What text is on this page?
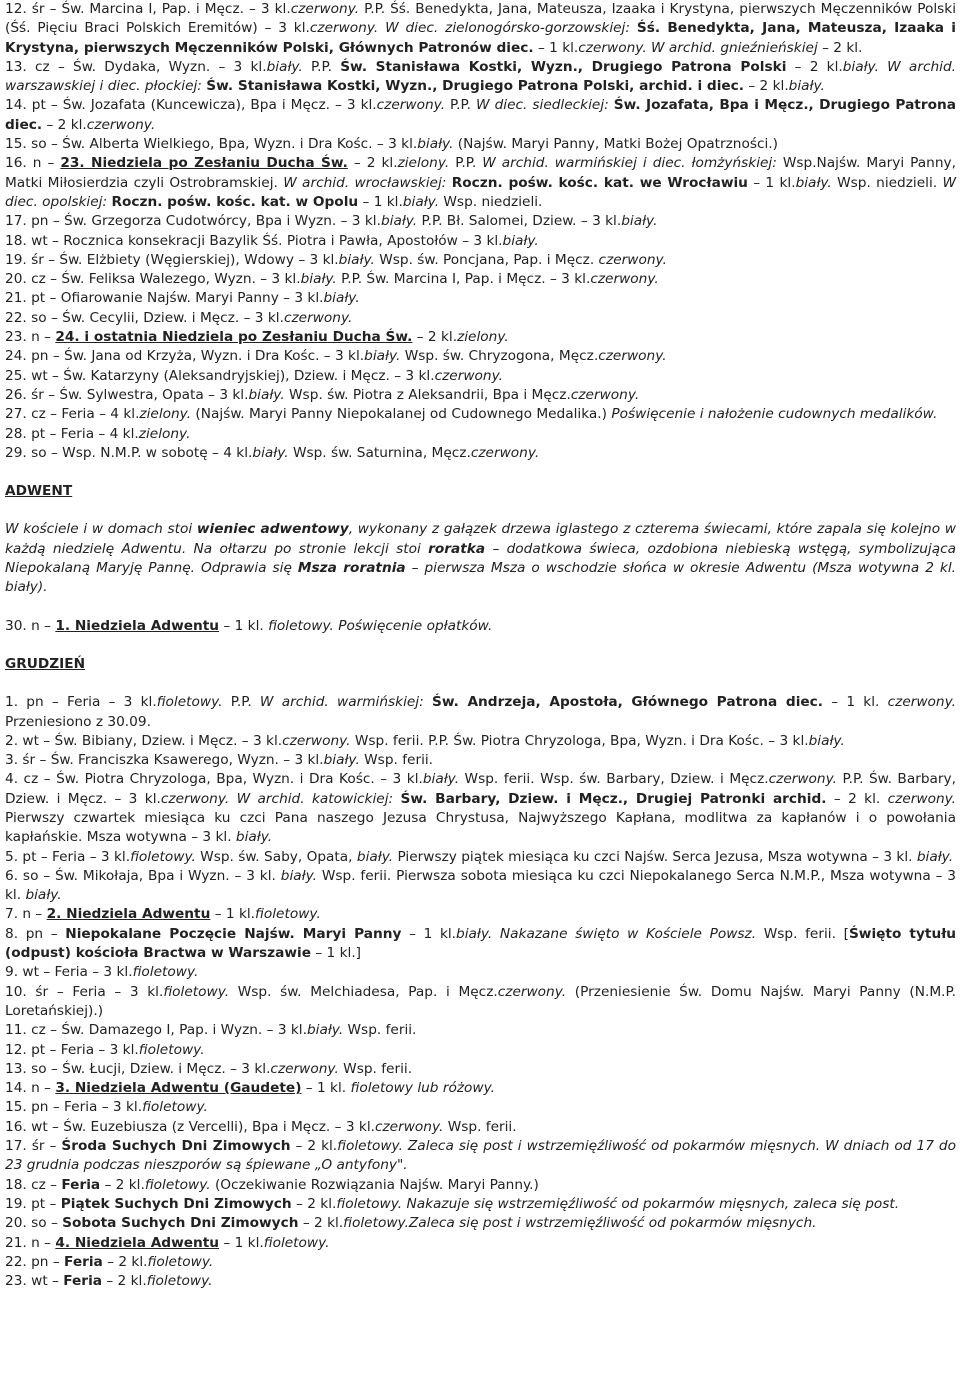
12. śr – Św. Marcina I, Pap. i Męcz. – 3 kl.czerwony. P.P. Śś. Benedykta, Jana, Mateusza, Izaaka i Krystyna, pierwszych Męczenników Polski (Śś. Pięciu Braci Polskich Eremitów) – 3 kl.czerwony. W diec. zielonogórsko-gorzowskiej: Śś. Benedykta, Jana, Mateusza, Izaaka i Krystyna, pierwszych Męczenników Polski, Głównych Patronów diec. – 1 kl.czerwony. W archid. gnieźnieńskiej – 2 kl.

13. cz – Św. Dydaka, Wyzn. – 3 kl.biały. P.P. Św. Stanisława Kostki, Wyzn., Drugiego Patrona Polski – 2 kl.biały. W archid. warszawskiej i diec. płockiej: Św. Stanisława Kostki, Wyzn., Drugiego Patrona Polski, archid. i diec. – 2 kl.biały.

14. pt – Św. Jozafata (Kuncewicza), Bpa i Męcz. – 3 kl.czerwony. P.P. W diec. siedleckiej: Św. Jozafata, Bpa i Męcz., Drugiego Patrona diec. – 2 kl.czerwony.

15. so – Św. Alberta Wielkiego, Bpa, Wyzn. i Dra Kośc. – 3 kl.biały. (Najśw. Maryi Panny, Matki Bożej Opatrzności.)

16. n – 23. Niedziela po Zesłaniu Ducha Św. – 2 kl.zielony. P.P. W archid. warmińskiej i diec. łomżyńskiej: Wsp.Najśw. Maryi Panny, Matki Miłosierdzia czyli Ostrobramskiej. W archid. wrocławskiej: Roczn. pośw. kośc. kat. we Wrocławiu – 1 kl.biały. Wsp. niedzieli. W diec. opolskiej: Roczn. pośw. kośc. kat. w Opolu – 1 kl.biały. Wsp. niedzieli.

17. pn – Św. Grzegorza Cudotwórcy, Bpa i Wyzn. – 3 kl.biały. P.P. Bł. Salomei, Dziew. – 3 kl.biały.

18. wt – Rocznica konsekracji Bazylik Śś. Piotra i Pawła, Apostołów – 3 kl.biały.

19. śr – Św. Elżbiety (Węgierskiej), Wdowy – 3 kl.biały. Wsp. św. Poncjana, Pap. i Męcz. czerwony.

20. cz – Św. Feliksa Walezego, Wyzn. – 3 kl.biały. P.P. Św. Marcina I, Pap. i Męcz. – 3 kl.czerwony.

21. pt – Ofiarowanie Najśw. Maryi Panny – 3 kl.biały.

22. so – Św. Cecylii, Dziew. i Męcz. – 3 kl.czerwony.

23. n – 24. i ostatnia Niedziela po Zesłaniu Ducha Św. – 2 kl.zielony.

24. pn – Św. Jana od Krzyża, Wyzn. i Dra Kośc. – 3 kl.biały. Wsp. św. Chryzogona, Męcz.czerwony.

25. wt – Św. Katarzyny (Aleksandryjskiej), Dziew. i Męcz. – 3 kl.czerwony.

26. śr – Św. Sylwestra, Opata – 3 kl.biały. Wsp. św. Piotra z Aleksandrii, Bpa i Męcz.czerwony.

27. cz – Feria – 4 kl.zielony. (Najśw. Maryi Panny Niepokalanej od Cudownego Medalika.) Poświęcenie i nałożenie cudownych medalików.

28. pt – Feria – 4 kl.zielony.

29. so – Wsp. N.M.P. w sobotę – 4 kl.biały. Wsp. św. Saturnina, Męcz.czerwony.

ADWENT

W kościele i w domach stoi wieniec adwentowy, wykonany z gałązek drzewa iglastego z czterema świecami, które zapala się kolejno w każdą niedzielę Adwentu. Na ołtarzu po stronie lekcji stoi roratka – dodatkowa świeca, ozdobiona niebieską wstęgą, symbolizująca Niepokalaną Maryję Pannę. Odprawia się Msza roratnia – pierwsza Msza o wschodzie słońca w okresie Adwentu (Msza wotywna 2 kl. biały).

30. n – 1. Niedziela Adwentu – 1 kl. fioletowy. Poświęcenie opłatków.

GRUDZIEŃ

1. pn – Feria – 3 kl.fioletowy. P.P. W archid. warmińskiej: Św. Andrzeja, Apostoła, Głównego Patrona diec. – 1 kl. czerwony. Przeniesiono z 30.09.

2. wt – Św. Bibiany, Dziew. i Męcz. – 3 kl.czerwony. Wsp. ferii. P.P. Św. Piotra Chryzologa, Bpa, Wyzn. i Dra Kośc. – 3 kl.biały.

3. śr – Św. Franciszka Ksawerego, Wyzn. – 3 kl.biały. Wsp. ferii.

4. cz – Św. Piotra Chryzologa, Bpa, Wyzn. i Dra Kośc. – 3 kl.biały. Wsp. ferii. Wsp. św. Barbary, Dziew. i Męcz.czerwony. P.P. Św. Barbary, Dziew. i Męcz. – 3 kl.czerwony. W archid. katowickiej: Św. Barbary, Dziew. i Męcz., Drugiej Patronki archid. – 2 kl. czerwony. Pierwszy czwartek miesiąca ku czci Pana naszego Jezusa Chrystusa, Najwyższego Kapłana, modlitwa za kapłanów i o powołania kapłańskie. Msza wotywna – 3 kl. biały.

5. pt – Feria – 3 kl.fioletowy. Wsp. św. Saby, Opata, biały. Pierwszy piątek miesiąca ku czci Najśw. Serca Jezusa, Msza wotywna – 3 kl. biały.

6. so – Św. Mikołaja, Bpa i Wyzn. – 3 kl. biały. Wsp. ferii. Pierwsza sobota miesiąca ku czci Niepokalanego Serca N.M.P., Msza wotywna – 3 kl. biały.

7. n – 2. Niedziela Adwentu – 1 kl.fioletowy.

8. pn – Niepokalane Poczęcie Najśw. Maryi Panny – 1 kl.biały. Nakazane święto w Kościele Powsz. Wsp. ferii. [Święto tytułu (odpust) kościoła Bractwa w Warszawie – 1 kl.]

9. wt – Feria – 3 kl.fioletowy.

10. śr – Feria – 3 kl.fioletowy. Wsp. św. Melchiadesa, Pap. i Męcz.czerwony. (Przeniesienie Św. Domu Najśw. Maryi Panny (N.M.P. Loretańskiej).)

11. cz – Św. Damazego I, Pap. i Wyzn. – 3 kl.biały. Wsp. ferii.

12. pt – Feria – 3 kl.fioletowy.

13. so – Św. Łucji, Dziew. i Męcz. – 3 kl.czerwony. Wsp. ferii.

14. n – 3. Niedziela Adwentu (Gaudete) – 1 kl. fioletowy lub różowy.

15. pn – Feria – 3 kl.fioletowy.

16. wt – Św. Euzebiusza (z Vercelli), Bpa i Męcz. – 3 kl.czerwony. Wsp. ferii.

17. śr – Środa Suchych Dni Zimowych – 2 kl.fioletowy. Zaleca się post i wstrzemięźliwość od pokarmów mięsnych. W dniach od 17 do 23 grudnia podczas nieszporów są śpiewane „O antyfony".

18. cz – Feria – 2 kl.fioletowy. (Oczekiwanie Rozwiązania Najśw. Maryi Panny.)

19. pt – Piątek Suchych Dni Zimowych – 2 kl.fioletowy. Nakazuje się wstrzemięźliwość od pokarmów mięsnych, zaleca się post.

20. so – Sobota Suchych Dni Zimowych – 2 kl.fioletowy.Zaleca się post i wstrzemięźliwość od pokarmów mięsnych.

21. n – 4. Niedziela Adwentu – 1 kl.fioletowy.

22. pn – Feria – 2 kl.fioletowy.

23. wt – Feria – 2 kl.fioletowy.
